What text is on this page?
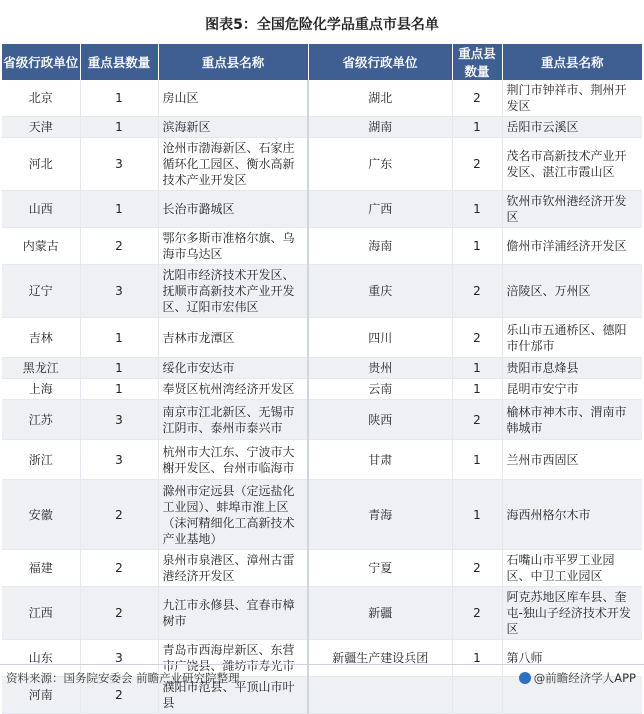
图表5：全国危险化学品重点市县名单
省级行政单位	重点县数量	重点县名称	省级行政单位	重点县数量	重点县名称
北京	1	房山区	湖北	2	荆门市钟祥市、荆州开发区
天津	1	滨海新区	湖南	1	岳阳市云溪区
河北	3	沧州市渤海新区、石家庄循环化工园区、衡水高新技术产业开发区	广东	2	茂名市高新技术产业开发区、湛江市霞山区
山西	1	长治市潞城区	广西	1	钦州市钦州港经济开发区
内蒙古	2	鄂尔多斯市准格尔旗、乌海市乌达区	海南	1	儋州市洋浦经济开发区
辽宁	3	沈阳市经济技术开发区、抚顺市高新技术产业开发区、辽阳市宏伟区	重庆	2	涪陵区、万州区
吉林	1	吉林市龙潭区	四川	2	乐山市五通桥区、德阳市什邡市
黑龙江	1	绥化市安达市	贵州	1	贵阳市息烽县
上海	1	奉贤区杭州湾经济开发区	云南	1	昆明市安宁市
江苏	3	南京市江北新区、无锡市江阴市、泰州市泰兴市	陕西	2	榆林市神木市、渭南市韩城市
浙江	3	杭州市大江东、宁波市大榭开发区、台州市临海市	甘肃	1	兰州市西固区
安徽	2	滁州市定远县（定远盐化工业园）、蚌埠市淮上区（沫河精细化工高新技术产业基地）	青海	1	海西州格尔木市
福建	2	泉州市泉港区、漳州古雷港经济开发区	宁夏	2	石嘴山市平罗工业园区、中卫工业园区
江西	2	九江市永修县、宜春市樟树市	新疆	2	阿克苏地区库车县、奎屯-独山子经济技术开发区
山东	3	青岛市西海岸新区、东营市广饶县、潍坊市寿光市	新疆生产建设兵团	1	第八师
河南	2	濮阳市范县、平顶山市叶县			
资料来源：国务院安委会 前瞻产业研究院整理	@前瞻经济学人APP
